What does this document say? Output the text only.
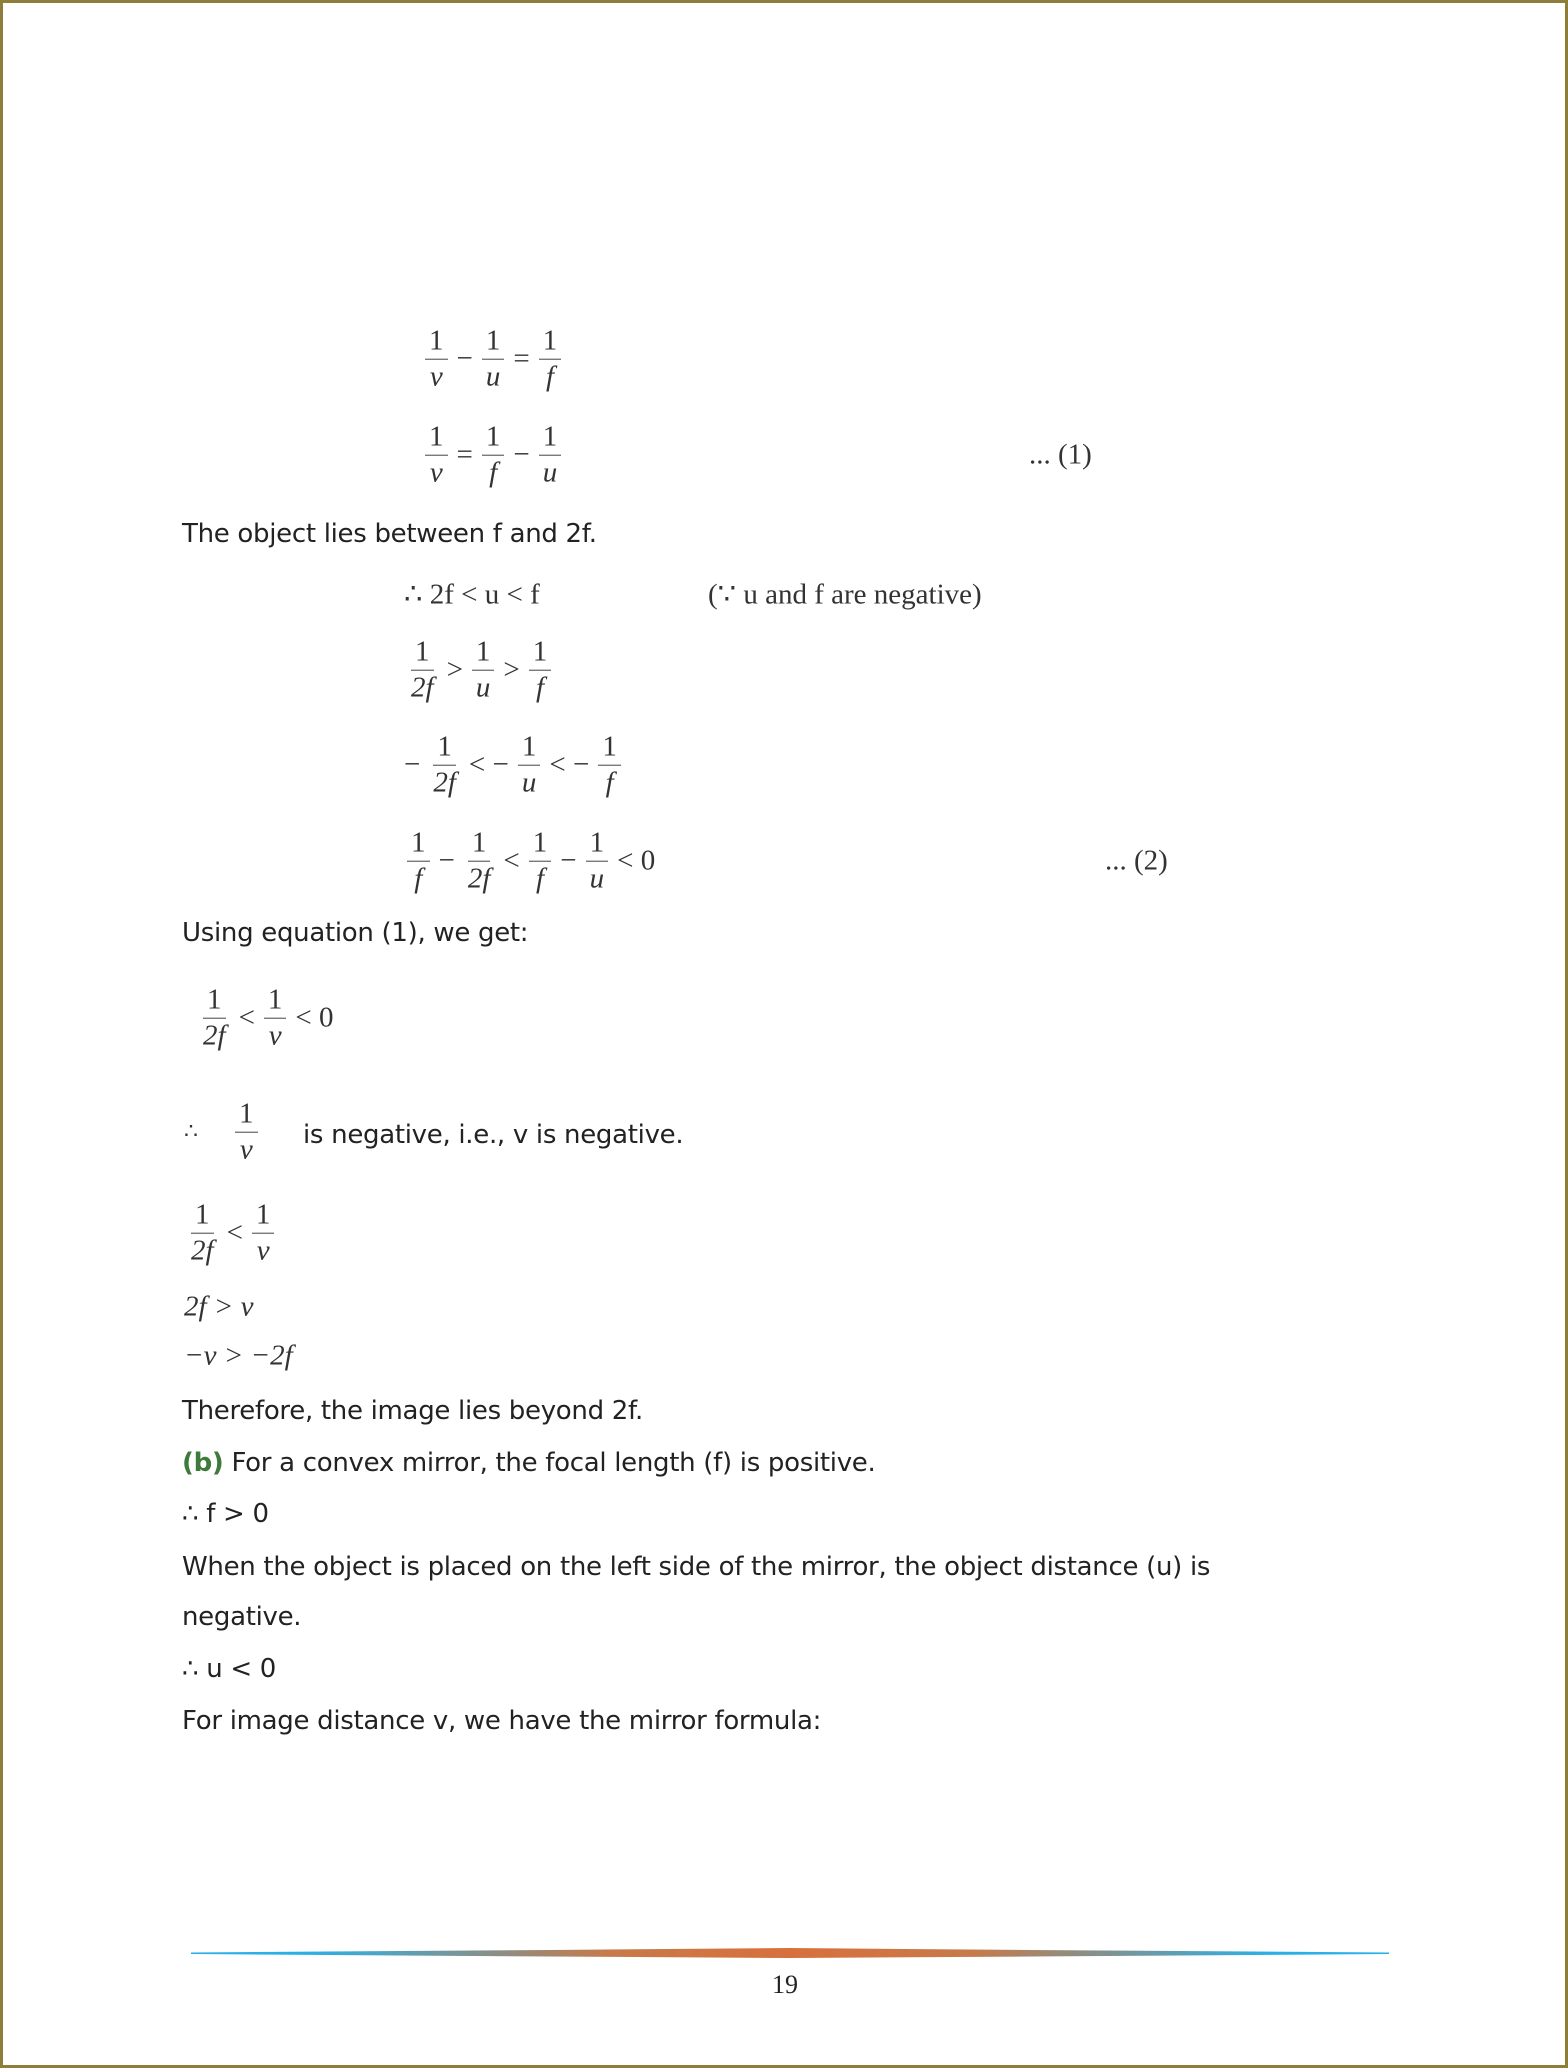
$\frac{1}{v} - \frac{1}{u} = \frac{1}{f}$
$\frac{1}{v} = \frac{1}{f} - \frac{1}{u}$	... (1)
The object lies between f and 2f.
∴ 2f < u < f	(∵ u and f are negative)
$\frac{1}{2f} > \frac{1}{u} > \frac{1}{f}$
− $\frac{1}{2f}$ < − $\frac{1}{u}$ < − $\frac{1}{f}$
$\frac{1}{f} - \frac{1}{2f} < \frac{1}{f} - \frac{1}{u} < 0$	... (2)
Using equation (1), we get:
$\frac{1}{2f} < \frac{1}{v} < 0$
∴ $\frac{1}{v}$ is negative, i.e., v is negative.
$\frac{1}{2f} < \frac{1}{v}$
2f > v
−v > −2f
Therefore, the image lies beyond 2f.
(b) For a convex mirror, the focal length (f) is positive.
∴ f > 0
When the object is placed on the left side of the mirror, the object distance (u) is
negative.
∴ u < 0
For image distance v, we have the mirror formula:
19
